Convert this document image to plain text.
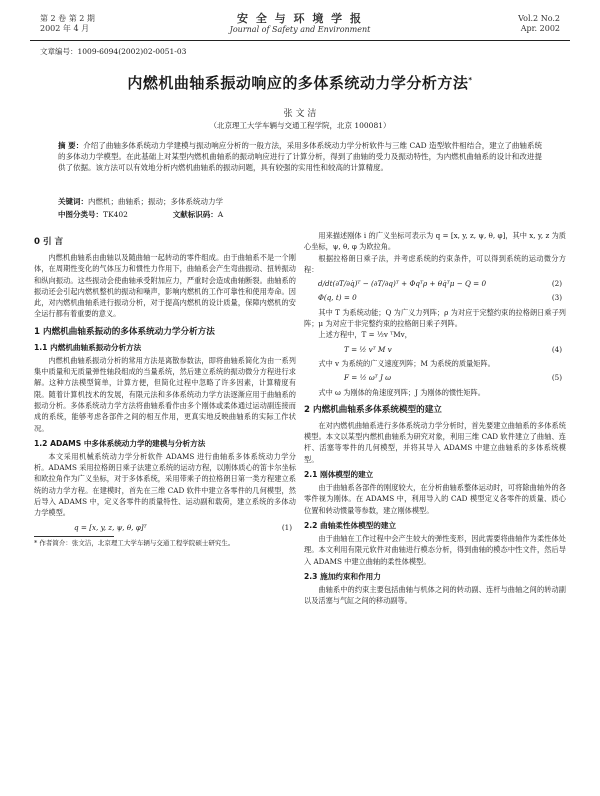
第 2 卷 第 2 期
2002 年 4 月
安 全 与 环 境 学 报
Journal of Safety and Environment
Vol.2 No.2
Apr. 2002
文章编号：1009-6094(2002)02-0051-03
内燃机曲轴系振动响应的多体系统动力学分析方法*
张 文 洁
（北京理工大学车辆与交通工程学院，北京 100081）
摘 要：介绍了曲轴多体系统动力学建模与振动响应分析的一般方法，采用多体系统动力学分析软件与三维 CAD 造型软件相结合，建立了曲轴系统的多体动力学模型。在此基础上对某型内燃机曲轴系的振动响应进行了计算分析，得到了曲轴的受力及振动特性，为内燃机曲轴系的设计和改进提供了依据。该方法可以有效地分析内燃机曲轴系的振动问题，具有较强的实用性和较高的计算精度。
关键词：内燃机；曲轴系；振动；多体系统动力学
中图分类号：TK402	文献标识码：A

0 引 言

内燃机曲轴系由曲轴以及随曲轴一起转动的零件组成。由于曲轴系不是一个刚体，在周期性变化的气体压力和惯性力作用下，曲轴系会产生弯曲振动、扭转振动和纵向振动。这些振动会使曲轴承受附加应力，严重时会造成曲轴断裂。曲轴系的振动还会引起内燃机整机的振动和噪声，影响内燃机的工作可靠性和使用寿命。因此，对内燃机曲轴系进行振动分析，对于提高内燃机的设计质量，保障内燃机的安全运行都有着重要的意义。

1 内燃机曲轴系振动的多体系统动力学分析方法

1.1 内燃机曲轴系振动分析方法

内燃机曲轴系振动分析的常用方法是离散参数法，即将曲轴系简化为由一系列集中质量和无质量弹性轴段组成的当量系统，然后建立系统的振动微分方程进行求解。这种方法模型简单，计算方便，但简化过程中忽略了许多因素，计算精度有限。随着计算机技术的发展，有限元法和多体系统动力学方法逐渐应用于曲轴系的振动分析。多体系统动力学方法将曲轴系看作由多个刚体或柔体通过运动副连接而成的系统，能够考虑各部件之间的相互作用，更真实地反映曲轴系的实际工作状况。

1.2 ADAMS 中多体系统动力学的建模与分析方法

本文采用机械系统动力学分析软件 ADAMS 进行曲轴系多体系统动力学分析。ADAMS 采用拉格朗日乘子法建立系统的运动方程，以刚体质心的笛卡尔坐标和欧拉角作为广义坐标，对于多体系统，采用带乘子的拉格朗日第一类方程建立系统的动力学方程。在建模时，首先在三维 CAD 软件中建立各零件的几何模型，然后导入 ADAMS 中，定义各零件的质量特性、运动副和载荷，建立系统的多体动力学模型。

q = [x, y, z, ψ, θ, φ]ᵀ	(1)
* 作者简介：张文洁，北京理工大学车辆与交通工程学院硕士研究生。

用来描述刚体 i 的广义坐标可表示为 q = [x, y, z, ψ, θ, φ]，其中 x, y, z 为质心坐标，ψ, θ, φ 为欧拉角。

根据拉格朗日乘子法，并考虑系统的约束条件，可以得到系统的运动微分方程：

d/dt(∂T/∂q̇)ᵀ − (∂T/∂q)ᵀ + Φqᵀρ + θq̇ᵀμ − Q = 0	(2)
Φ(q, t) = 0	(3)

其中 T 为系统动能；Q 为广义力列阵；ρ 为对应于完整约束的拉格朗日乘子列阵；μ 为对应于非完整约束的拉格朗日乘子列阵。

上述方程中，T = ½v ᵀMv，

T = ½ vᵀ M v	(4)

式中 v 为系统的广义速度列阵；M 为系统的质量矩阵。

F = ½ ωᵀ J ω	(5)

式中 ω 为刚体的角速度列阵；J 为刚体的惯性矩阵。

2 内燃机曲轴系多体系统模型的建立

在对内燃机曲轴系进行多体系统动力学分析时，首先要建立曲轴系的多体系统模型。本文以某型内燃机曲轴系为研究对象，利用三维 CAD 软件建立了曲轴、连杆、活塞等零件的几何模型，并将其导入 ADAMS 中建立曲轴系的多体系统模型。

2.1 刚体模型的建立

由于曲轴系各部件的刚度较大，在分析曲轴系整体运动时，可将除曲轴外的各零件视为刚体。在 ADAMS 中，利用导入的 CAD 模型定义各零件的质量、质心位置和转动惯量等参数，建立刚体模型。

2.2 曲轴柔性体模型的建立

由于曲轴在工作过程中会产生较大的弹性变形，因此需要将曲轴作为柔性体处理。本文利用有限元软件对曲轴进行模态分析，得到曲轴的模态中性文件，然后导入 ADAMS 中建立曲轴的柔性体模型。

2.3 施加约束和作用力

曲轴系中的约束主要包括曲轴与机体之间的转动副、连杆与曲轴之间的转动副以及活塞与气缸之间的移动副等。
